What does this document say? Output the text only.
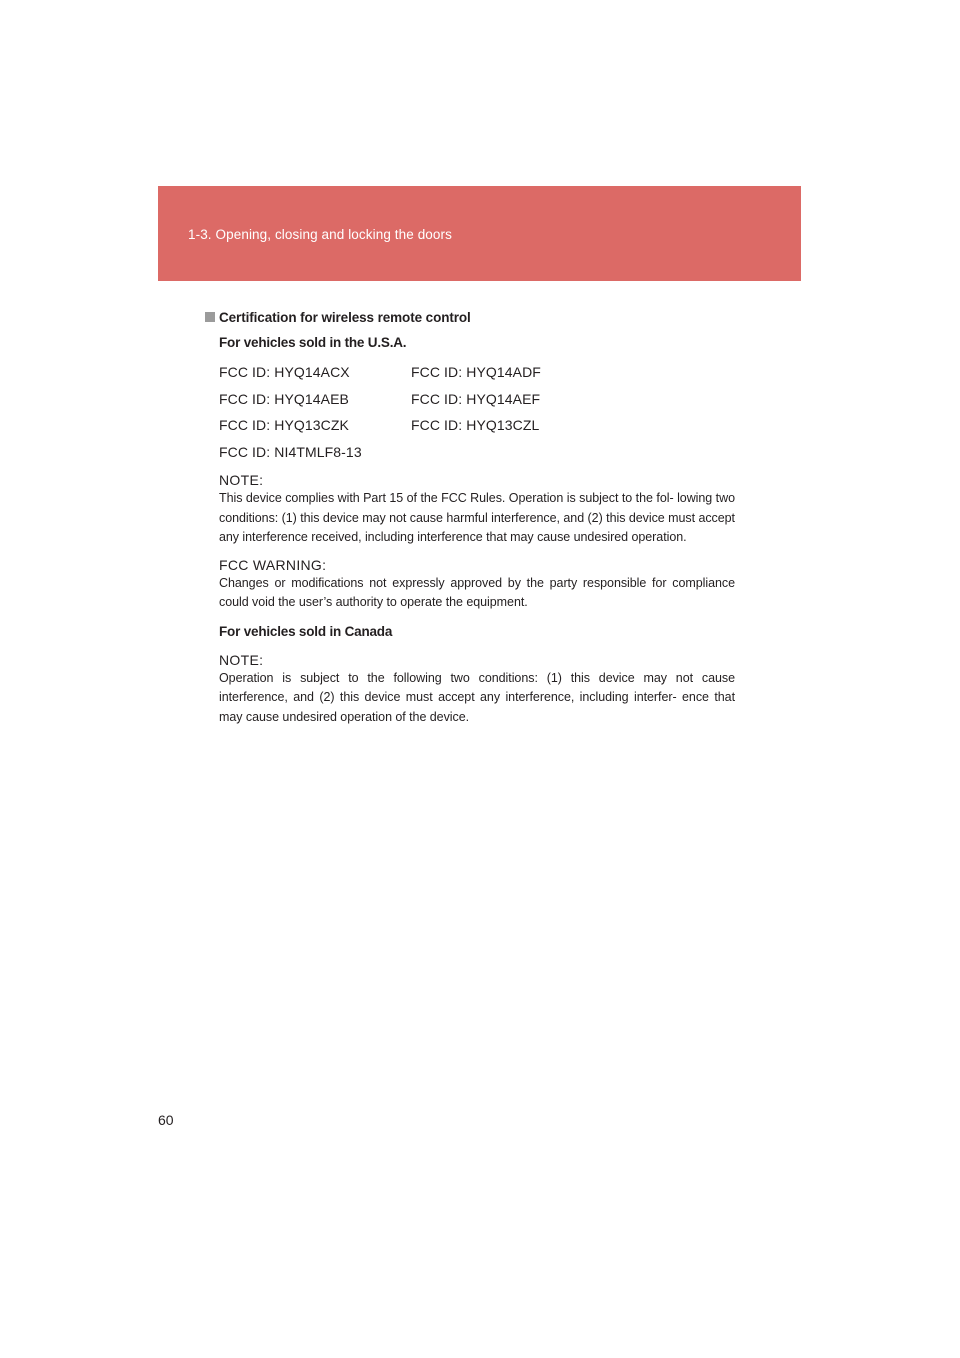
1-3. Opening, closing and locking the doors

Certification for wireless remote control

For vehicles sold in the U.S.A.

FCC ID: HYQ14ACX	FCC ID: HYQ14ADF
FCC ID: HYQ14AEB	FCC ID: HYQ14AEF
FCC ID: HYQ13CZK	FCC ID: HYQ13CZL
FCC ID: NI4TMLF8-13

NOTE:

This device complies with Part 15 of the FCC Rules. Operation is subject to the fol- lowing two conditions: (1) this device may not cause harmful interference, and (2) this device must accept any interference received, including interference that may cause undesired operation.

FCC WARNING:

Changes or modifications not expressly approved by the party responsible for compliance could void the user’s authority to operate the equipment.

For vehicles sold in Canada

NOTE:

Operation is subject to the following two conditions: (1) this device may not cause interference, and (2) this device must accept any interference, including interfer- ence that may cause undesired operation of the device.

60
